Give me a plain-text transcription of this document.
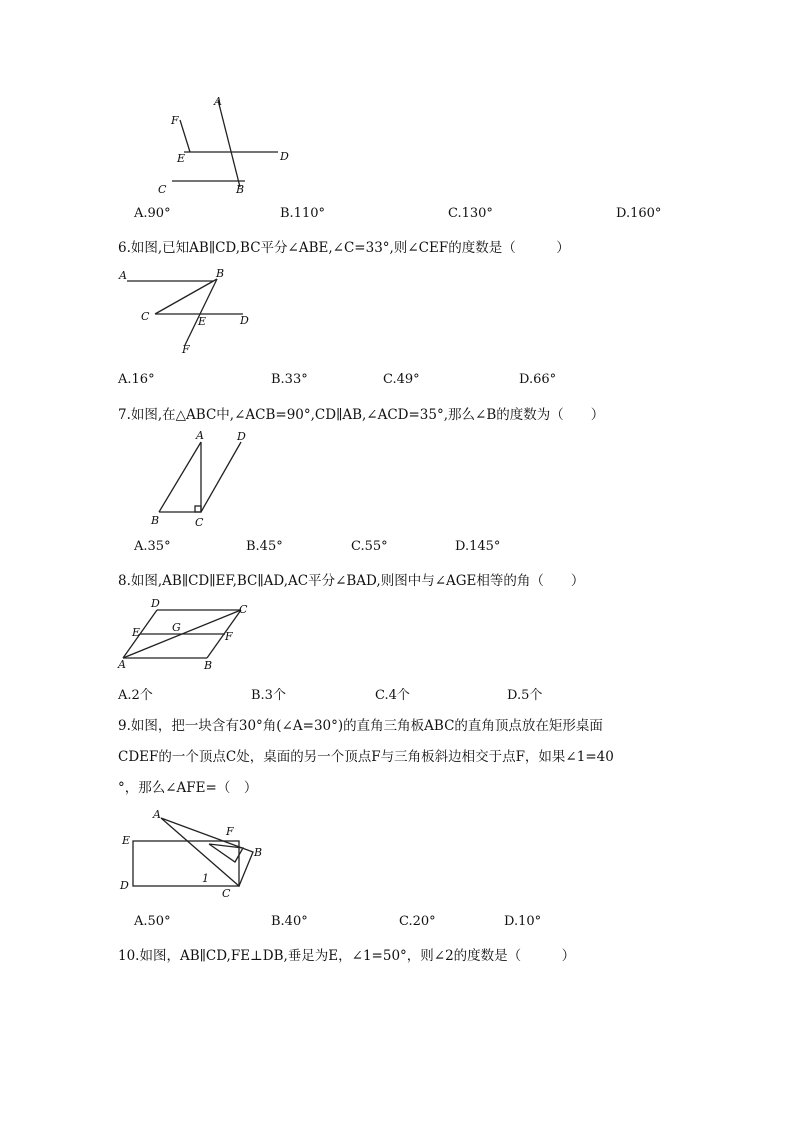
A
F
E	D
C	B
A.90°	B.110°	C.130°	D.160°
6.如图,已知AB∥CD,BC平分∠ABE,∠C=33°,则∠CEF的度数是（　　　）
A	B
C	E	D
F
A.16°	B.33°	C.49°	D.66°
7.如图,在△ABC中,∠ACB=90°,CD∥AB,∠ACD=35°,那么∠B的度数为（　　）
A	D
B	C
A.35°	B.45°	C.55°	D.145°
8.如图,AB∥CD∥EF,BC∥AD,AC平分∠BAD,则图中与∠AGE相等的角（　　）
D	C
E	G
F
A	B
A.2个	B.3个	C.4个	D.5个
9.如图，把一块含有30°角(∠A=30°)的直角三角板ABC的直角顶点放在矩形桌面
CDEF的一个顶点C处，桌面的另一个顶点F与三角板斜边相交于点F，如果∠1=40
°，那么∠AFE=（　）
A
F
E
B
D
1
C
A.50°	B.40°	C.20°	D.10°
10.如图，AB∥CD,FE⊥DB,垂足为E，∠1=50°，则∠2的度数是（　　　）
